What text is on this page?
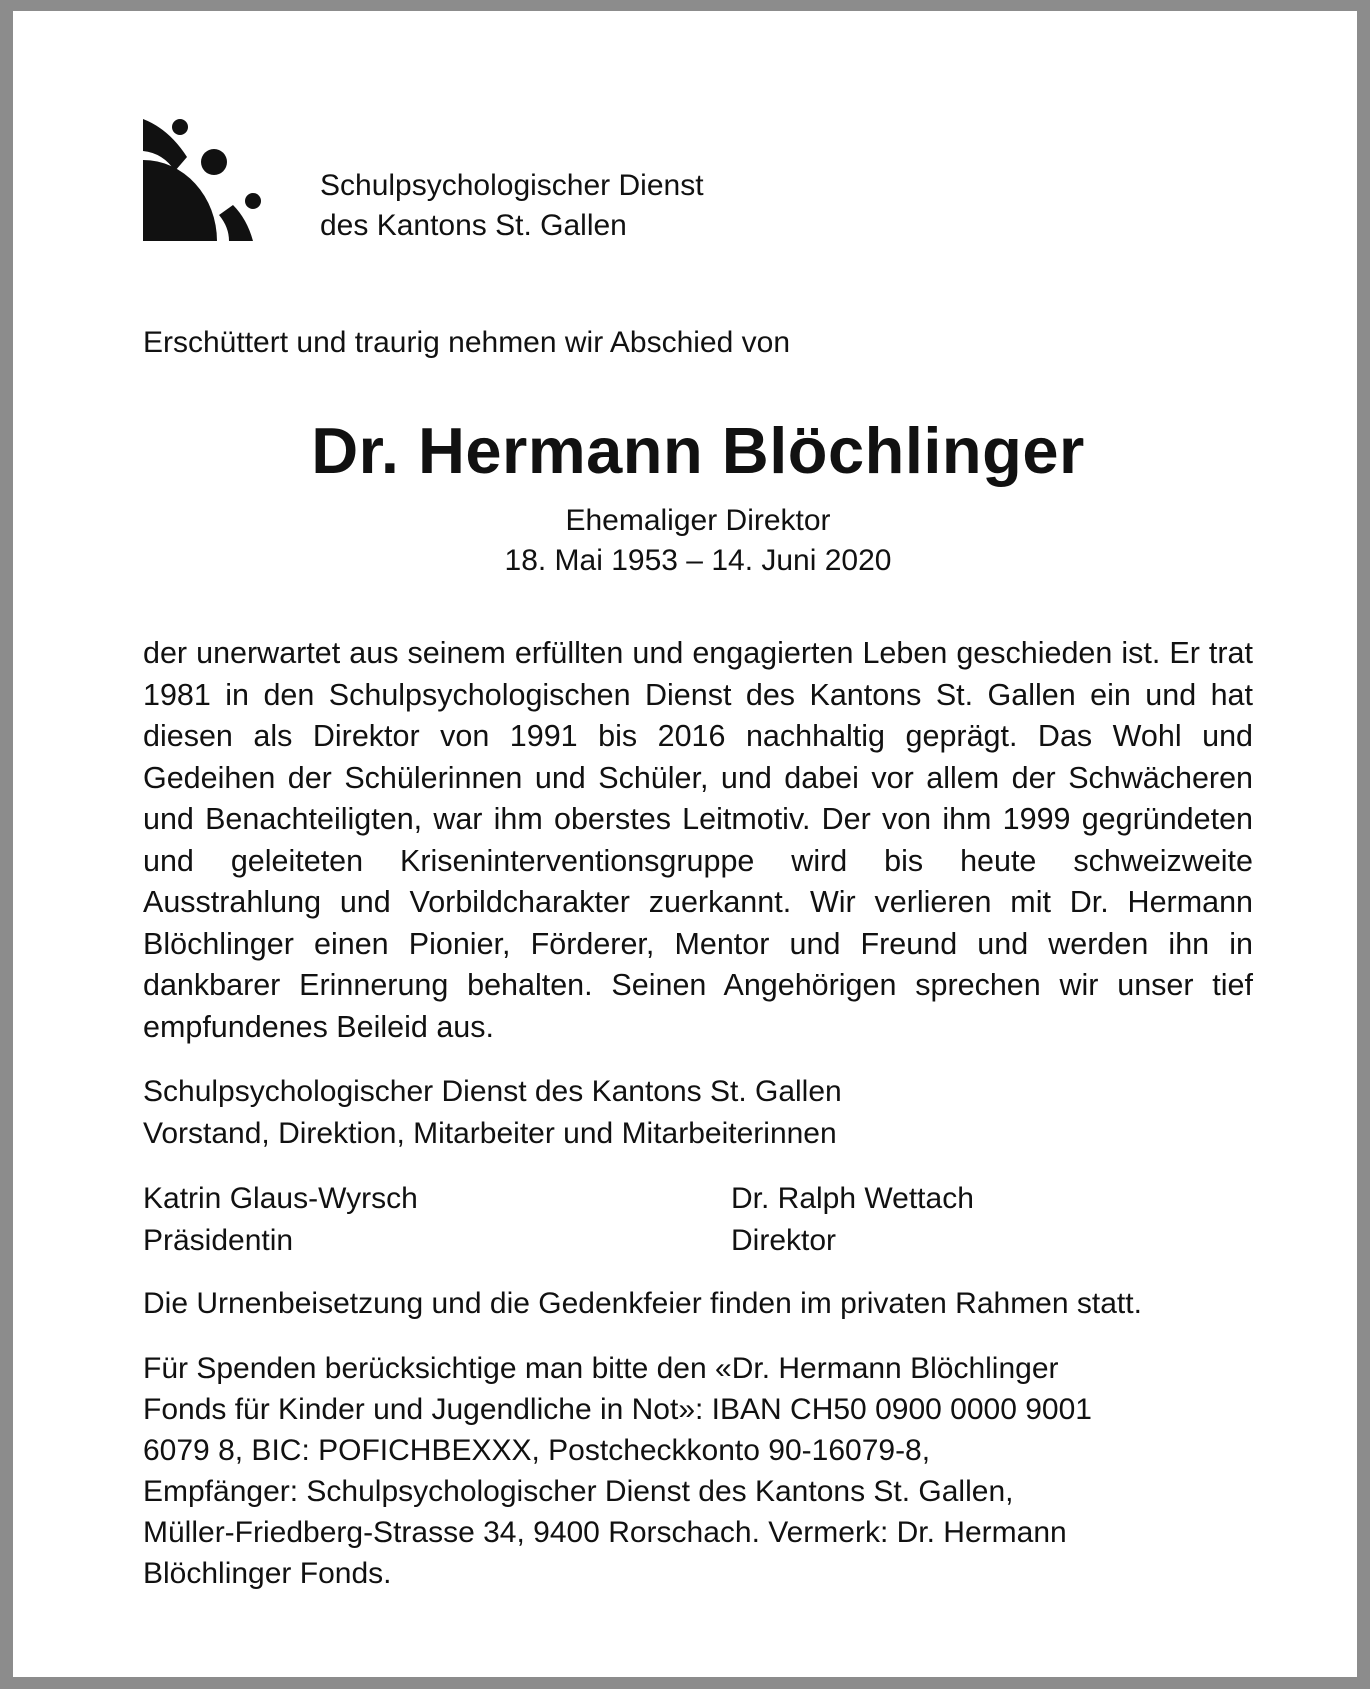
Schulpsychologischer Dienst
des Kantons St. Gallen
Erschüttert und traurig nehmen wir Abschied von
Dr. Hermann Blöchlinger
Ehemaliger Direktor
18. Mai 1953 – 14. Juni 2020
der unerwartet aus seinem erfüllten und engagierten Leben geschieden ist. Er trat 1981 in den Schulpsychologischen Dienst des Kantons St. Gallen ein und hat diesen als Direktor von 1991 bis 2016 nachhaltig geprägt. Das Wohl und Gedeihen der Schülerinnen und Schüler, und dabei vor allem der Schwächeren und Benachteiligten, war ihm oberstes Leitmotiv. Der von ihm 1999 gegründeten und geleiteten Kriseninterventionsgruppe wird bis heute schweizweite Ausstrahlung und Vorbildcharakter zuerkannt. Wir verlieren mit Dr. Hermann Blöchlinger einen Pionier, Förderer, Mentor und Freund und werden ihn in dankbarer Erinnerung behalten. Seinen Angehörigen sprechen wir unser tief empfundenes Beileid aus.
Schulpsychologischer Dienst des Kantons St. Gallen
Vorstand, Direktion, Mitarbeiter und Mitarbeiterinnen
Katrin Glaus-Wyrsch
Präsidentin
Dr. Ralph Wettach
Direktor
Die Urnenbeisetzung und die Gedenkfeier finden im privaten Rahmen statt.
Für Spenden berücksichtige man bitte den «Dr. Hermann Blöchlinger
Fonds für Kinder und Jugendliche in Not»: IBAN CH50 0900 0000 9001
6079 8, BIC: POFICHBEXXX, Postcheckkonto 90-16079-8,
Empfänger: Schulpsychologischer Dienst des Kantons St. Gallen,
Müller-Friedberg-Strasse 34, 9400 Rorschach. Vermerk: Dr. Hermann
Blöchlinger Fonds.
